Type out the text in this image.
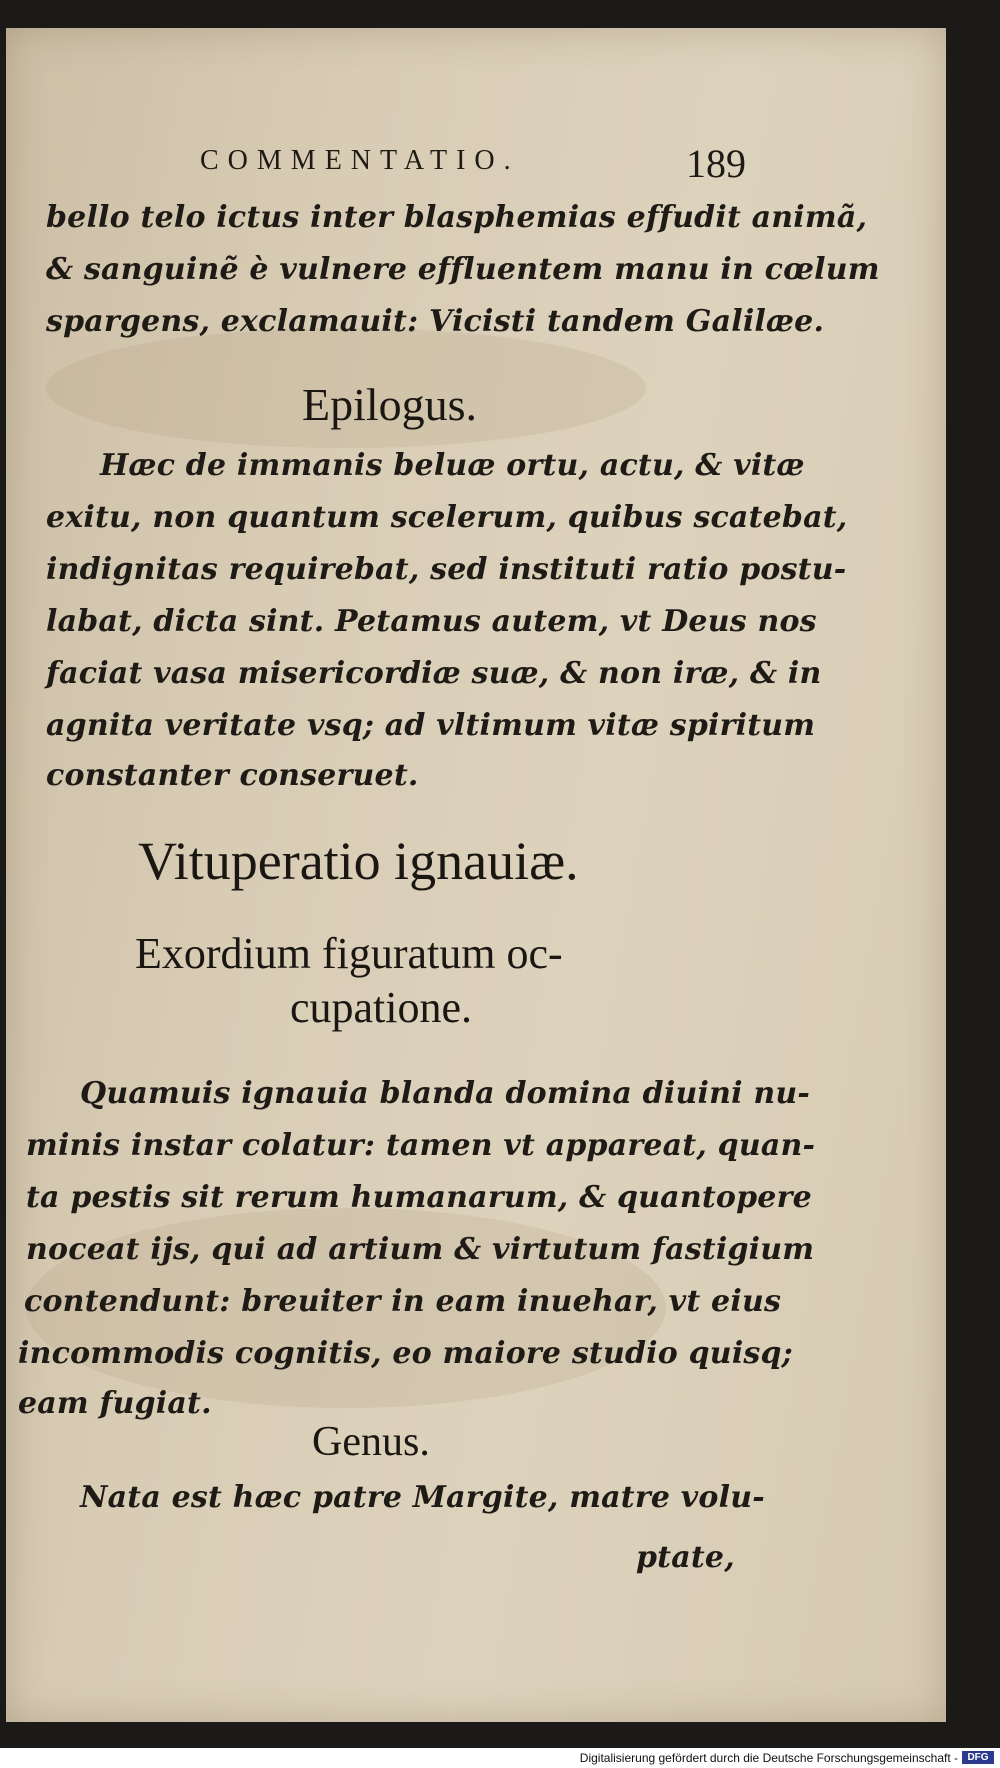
COMMENTATIO.	189
bello telo ictus inter blasphemias effudit animã,
& sanguinẽ è vulnere effluentem manu in cœlum
spargens, exclamauit: Vicisti tandem Galilæe.
Epilogus.
Hæc de immanis beluæ ortu, actu, & vitæ
exitu, non quantum scelerum, quibus scatebat,
indignitas requirebat, sed instituti ratio postu-
labat, dicta sint. Petamus autem, vt Deus nos
faciat vasa misericordiæ suæ, & non iræ, & in
agnita veritate vsq; ad vltimum vitæ spiritum
constanter conseruet.
Vituperatio ignauiæ.
Exordium figuratum oc-
cupatione.
Quamuis ignauia blanda domina diuini nu-
minis instar colatur: tamen vt appareat, quan-
ta pestis sit rerum humanarum, & quantopere
noceat ijs, qui ad artium & virtutum fastigium
contendunt: breuiter in eam inuehar, vt eius
incommodis cognitis, eo maiore studio quisq;
eam fugiat.
Genus.
Nata est hæc patre Margite, matre volu-
ptate,
Digitalisierung gefördert durch die Deutsche Forschungsgemeinschaft - DFG
